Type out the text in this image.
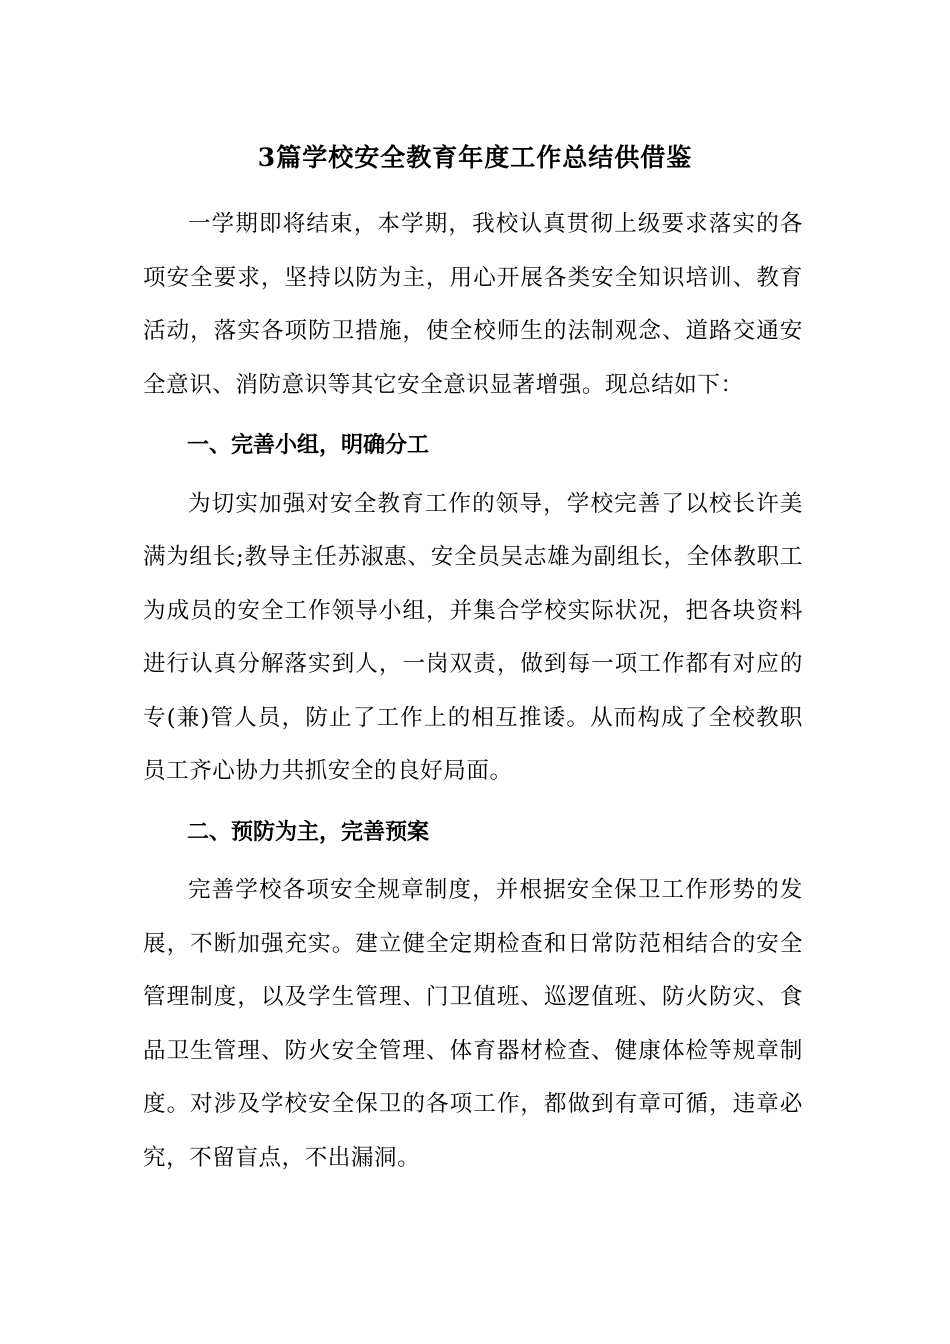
3篇学校安全教育年度工作总结供借鉴

一学期即将结束，本学期，我校认真贯彻上级要求落实的各项安全要求，坚持以防为主，用心开展各类安全知识培训、教育活动，落实各项防卫措施，使全校师生的法制观念、道路交通安全意识、消防意识等其它安全意识显著增强。现总结如下：

一、完善小组，明确分工

为切实加强对安全教育工作的领导，学校完善了以校长许美满为组长;教导主任苏淑惠、安全员吴志雄为副组长，全体教职工为成员的安全工作领导小组，并集合学校实际状况，把各块资料进行认真分解落实到人，一岗双责，做到每一项工作都有对应的专(兼)管人员，防止了工作上的相互推诿。从而构成了全校教职员工齐心协力共抓安全的良好局面。

二、预防为主，完善预案

完善学校各项安全规章制度，并根据安全保卫工作形势的发展，不断加强充实。建立健全定期检查和日常防范相结合的安全管理制度，以及学生管理、门卫值班、巡逻值班、防火防灾、食品卫生管理、防火安全管理、体育器材检查、健康体检等规章制度。对涉及学校安全保卫的各项工作，都做到有章可循，违章必究，不留盲点，不出漏洞。
